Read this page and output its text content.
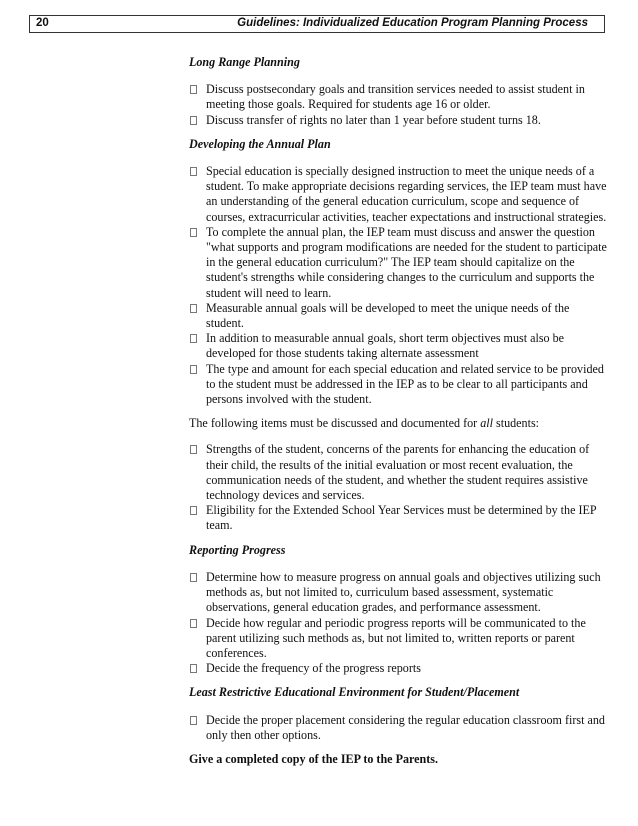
20	Guidelines: Individualized Education Program Planning Process
Long Range Planning
Discuss postsecondary goals and transition services needed to assist student in meeting those goals. Required for students age 16 or older.
Discuss transfer of rights no later than 1 year before student turns 18.
Developing the Annual Plan
Special education is specially designed instruction to meet the unique needs of a student. To make appropriate decisions regarding services, the IEP team must have an understanding of the general education curriculum, scope and sequence of courses, extracurricular activities, teacher expectations and instructional strategies.
To complete the annual plan, the IEP team must discuss and answer the question "what supports and program modifications are needed for the student to participate in the general education curriculum?" The IEP team should capitalize on the student's strengths while considering changes to the curriculum and supports the student will need to learn.
Measurable annual goals will be developed to meet the unique needs of the student.
In addition to measurable annual goals, short term objectives must also be developed for those students taking alternate assessment
The type and amount for each special education and related service to be provided to the student must be addressed in the IEP as to be clear to all participants and persons involved with the student.
The following items must be discussed and documented for all students:
Strengths of the student, concerns of the parents for enhancing the education of their child, the results of the initial evaluation or most recent evaluation, the communication needs of the student, and whether the student requires assistive technology devices and services.
Eligibility for the Extended School Year Services must be determined by the IEP team.
Reporting Progress
Determine how to measure progress on annual goals and objectives utilizing such methods as, but not limited to, curriculum based assessment, systematic observations, general education grades, and performance assessment.
Decide how regular and periodic progress reports will be communicated to the parent utilizing such methods as, but not limited to, written reports or parent conferences.
Decide the frequency of the progress reports
Least Restrictive Educational Environment for Student/Placement
Decide the proper placement considering the regular education classroom first and only then other options.
Give a completed copy of the IEP to the Parents.
